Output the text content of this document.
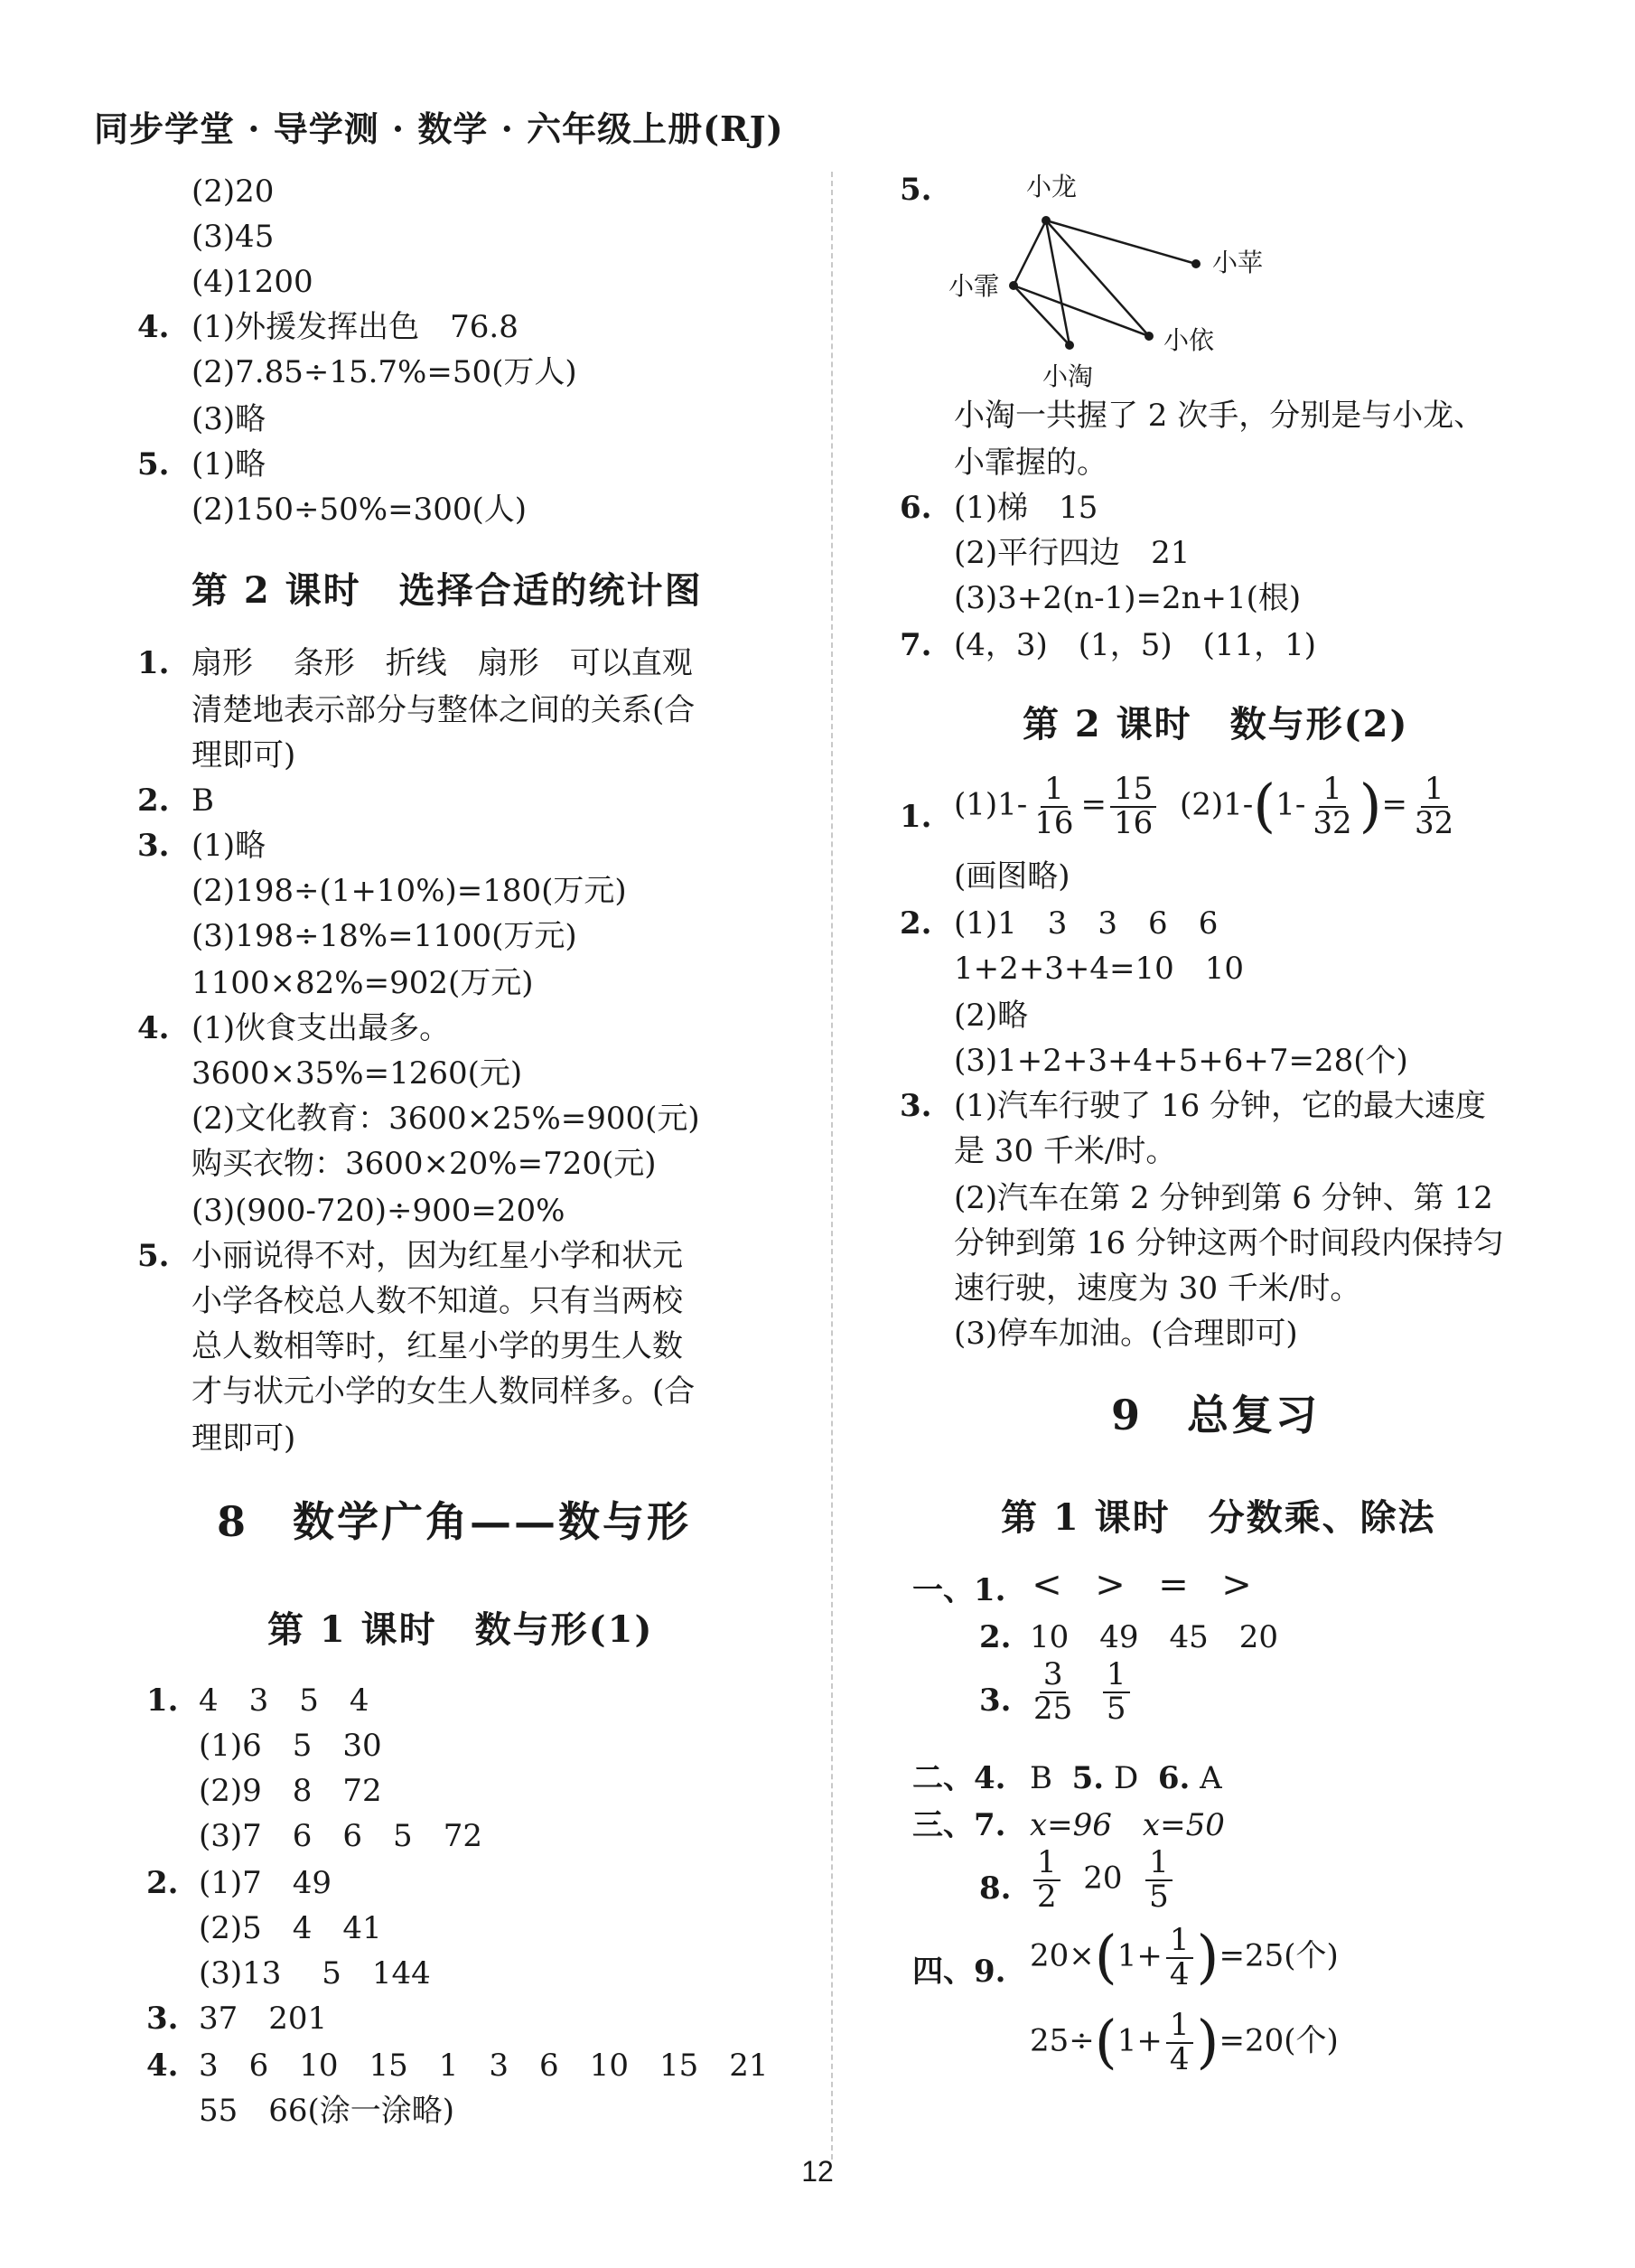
同步学堂 · 导学测 · 数学 · 六年级上册(RJ)
(2)20
(3)45
(4)1200
4. (1)外援发挥出色　76.8
(2)7.85÷15.7%=50(万人)
(3)略
5. (1)略
(2)150÷50%=300(人)
第 2 课时　选择合适的统计图
1. 扇形　 条形　折线　扇形　可以直观
清楚地表示部分与整体之间的关系(合
理即可)
2. B
3. (1)略
(2)198÷(1+10%)=180(万元)
(3)198÷18%=1100(万元)
1100×82%=902(万元)
4. (1)伙食支出最多。
3600×35%=1260(元)
(2)文化教育：3600×25%=900(元)
购买衣物：3600×20%=720(元)
(3)(900-720)÷900=20%
5. 小丽说得不对，因为红星小学和状元
小学各校总人数不知道。只有当两校
总人数相等时，红星小学的男生人数
才与状元小学的女生人数同样多。(合
理即可)
8　数学广角——数与形
第 1 课时　数与形(1)
1. 4　3　5　4
(1)6　5　30
(2)9　8　72
(3)7　6　6　5　72
2. (1)7　49
(2)5　4　41
(3)13　 5　144
3. 37　201
4. 3　6　10　15　1　3　6　10　15　21
55　66(涂一涂略)
5.	小龙
小苹
小霏
小依
小淘
小淘一共握了 2 次手，分别是与小龙、
小霏握的。
6. (1)梯　15
(2)平行四边　21
(3)3+2(n-1)=2n+1(根)
7. (4，3)　(1，5)　(11，1)
第 2 课时　数与形(2)
1. $(1)1- \frac{1}{16} = \frac{15}{16} (2)1-(1- \frac{1}{32}$ )= $\frac{1}{32}$
(画图略)
2. (1)1　3　3　6　6
1+2+3+4=10　10
(2)略
(3)1+2+3+4+5+6+7=28(个)
3. (1)汽车行驶了 16 分钟，它的最大速度
是 30 千米/时。
(2)汽车在第 2 分钟到第 6 分钟、第 12
分钟到第 16 分钟这两个时间段内保持匀
速行驶，速度为 30 千米/时。
(3)停车加油。(合理即可)
9　总复习
第 1 课时　分数乘、除法
一、1. < > = >
2. 10　49　45　20
3. $\frac{3}{25}$
$\frac{1}{5}$
二、4. B 5. D 6. A
三、7. x=96　x=50
8. $\frac{1}{2} 20 \frac{1}{5}$
四、9. $20\times(1+ \frac{1}{4} )=25$(个)
$25\div(1+ \frac{1}{4} )=20$(个)
12
